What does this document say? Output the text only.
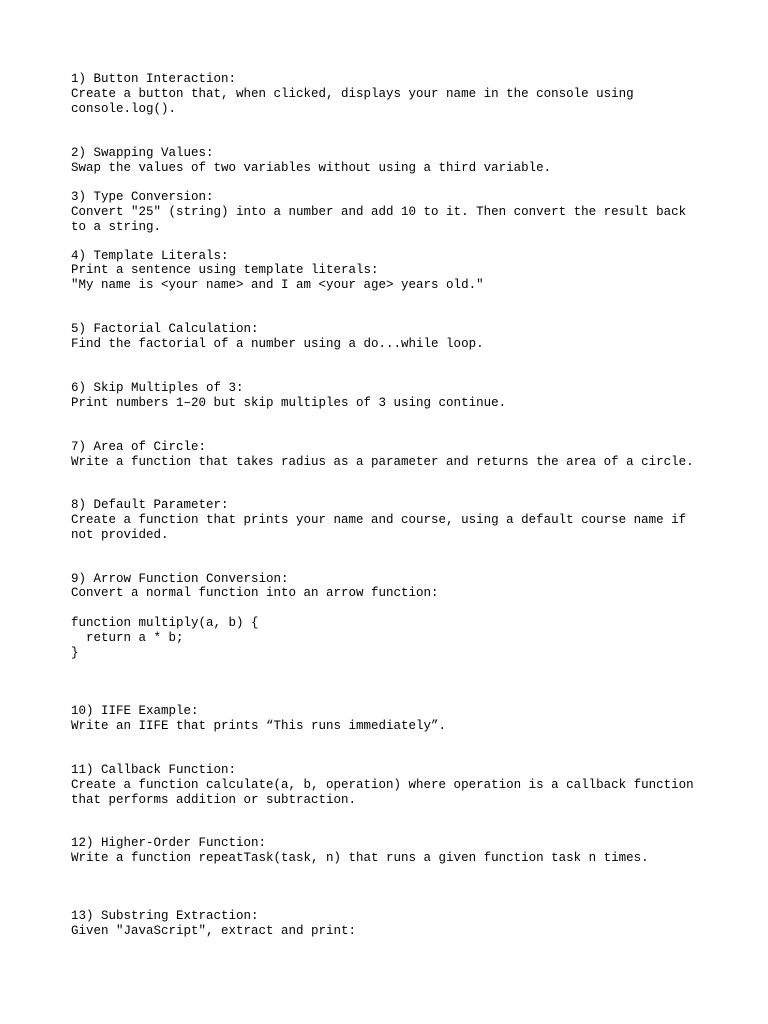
1) Button Interaction:
Create a button that, when clicked, displays your name in the console using
console.log().
2) Swapping Values:
Swap the values of two variables without using a third variable.
3) Type Conversion:
Convert "25" (string) into a number and add 10 to it. Then convert the result back
to a string.
4) Template Literals:
Print a sentence using template literals:
"My name is <your name> and I am <your age> years old."
5) Factorial Calculation:
Find the factorial of a number using a do...while loop.
6) Skip Multiples of 3:
Print numbers 1–20 but skip multiples of 3 using continue.
7) Area of Circle:
Write a function that takes radius as a parameter and returns the area of a circle.
8) Default Parameter:
Create a function that prints your name and course, using a default course name if
not provided.
9) Arrow Function Conversion:
Convert a normal function into an arrow function:
function multiply(a, b) {
return a * b;
}
10) IIFE Example:
Write an IIFE that prints “This runs immediately”.
11) Callback Function:
Create a function calculate(a, b, operation) where operation is a callback function
that performs addition or subtraction.
12) Higher-Order Function:
Write a function repeatTask(task, n) that runs a given function task n times.
13) Substring Extraction:
Given "JavaScript", extract and print:
